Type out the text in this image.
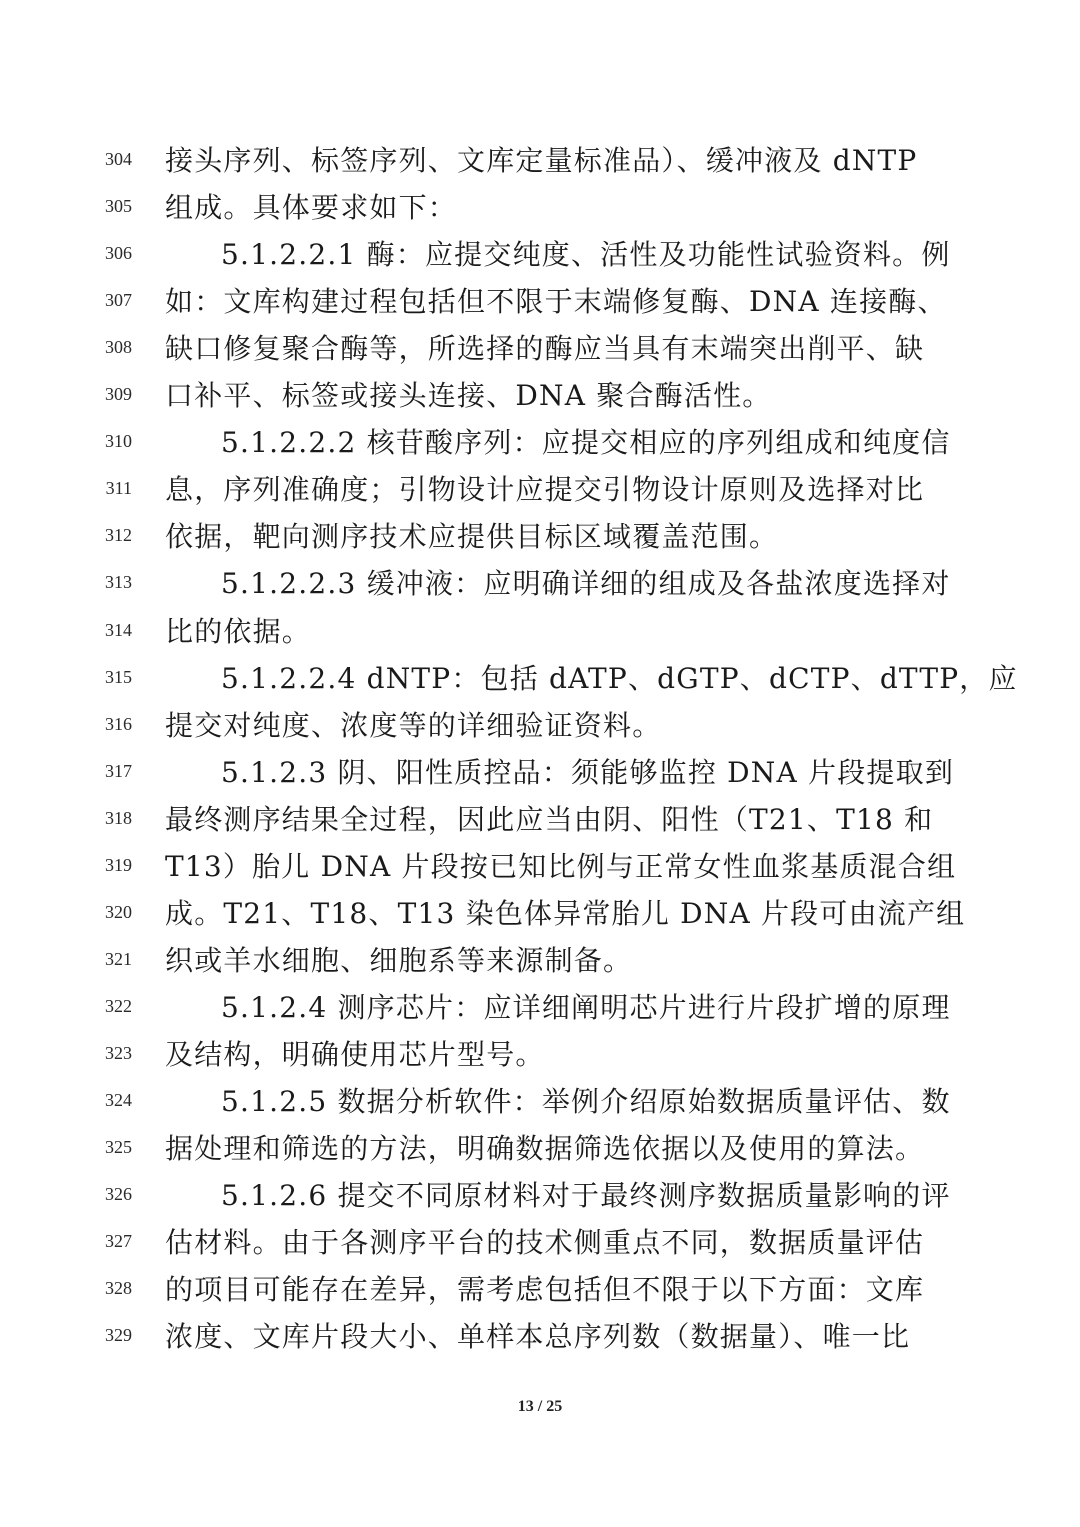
304 接头序列、标签序列、文库定量标准品）、缓冲液及 dNTP
305 组成。具体要求如下：
306	5.1.2.2.1 酶：应提交纯度、活性及功能性试验资料。例
307 如：文库构建过程包括但不限于末端修复酶、DNA 连接酶、
308 缺口修复聚合酶等，所选择的酶应当具有末端突出削平、缺
309 口补平、标签或接头连接、DNA 聚合酶活性。
310	5.1.2.2.2 核苷酸序列：应提交相应的序列组成和纯度信
311 息，序列准确度；引物设计应提交引物设计原则及选择对比
312 依据，靶向测序技术应提供目标区域覆盖范围。
313	5.1.2.2.3 缓冲液：应明确详细的组成及各盐浓度选择对
314 比的依据。
315	5.1.2.2.4 dNTP：包括 dATP、dGTP、dCTP、dTTP，应
316 提交对纯度、浓度等的详细验证资料。
317	5.1.2.3 阴、阳性质控品：须能够监控 DNA 片段提取到
318 最终测序结果全过程，因此应当由阴、阳性（T21、T18 和
319 T13）胎儿 DNA 片段按已知比例与正常女性血浆基质混合组
320 成。T21、T18、T13 染色体异常胎儿 DNA 片段可由流产组
321 织或羊水细胞、细胞系等来源制备。
322	5.1.2.4 测序芯片：应详细阐明芯片进行片段扩增的原理
323 及结构，明确使用芯片型号。
324	5.1.2.5 数据分析软件：举例介绍原始数据质量评估、数
325 据处理和筛选的方法，明确数据筛选依据以及使用的算法。
326	5.1.2.6 提交不同原材料对于最终测序数据质量影响的评
327 估材料。由于各测序平台的技术侧重点不同，数据质量评估
328 的项目可能存在差异，需考虑包括但不限于以下方面：文库
329 浓度、文库片段大小、单样本总序列数（数据量）、唯一比
13 / 25
